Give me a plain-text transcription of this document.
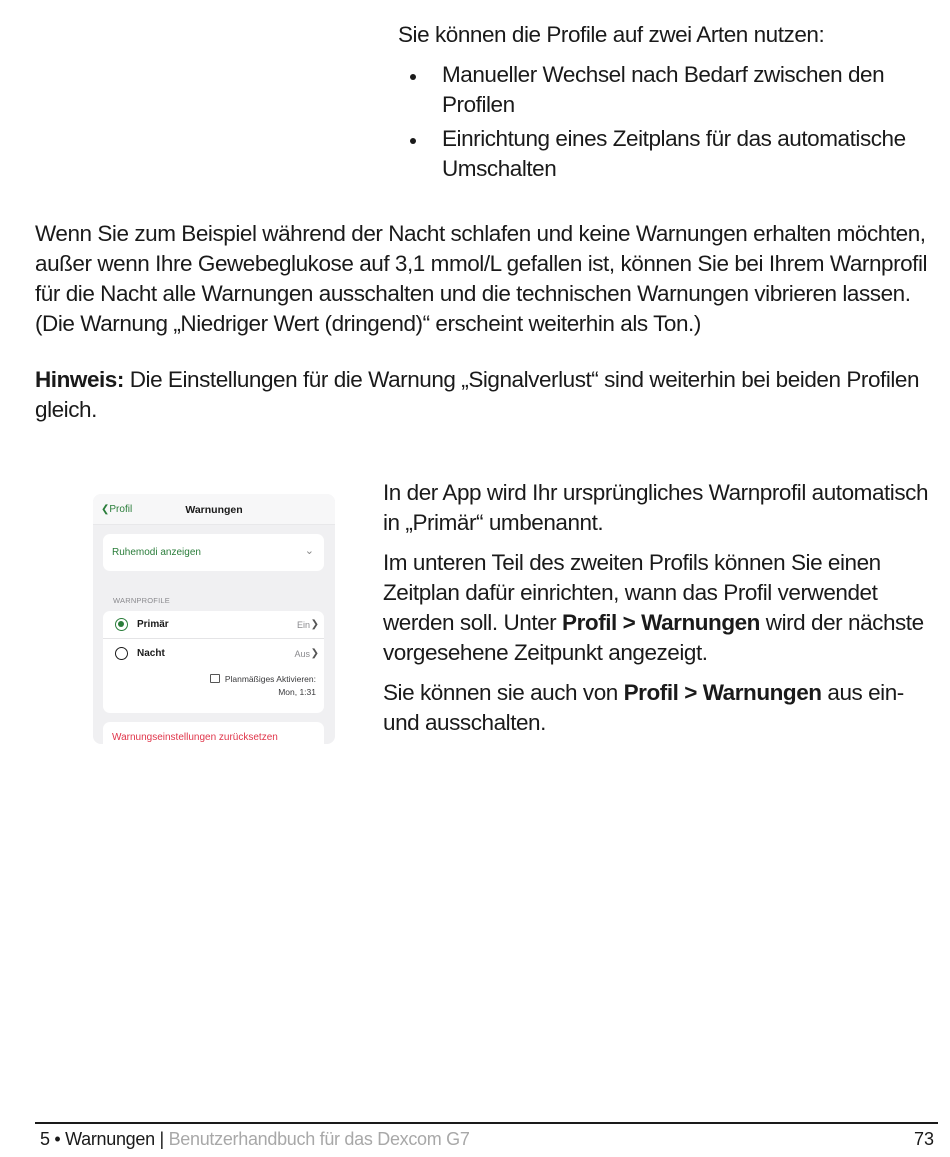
Sie können die Profile auf zwei Arten nutzen:
Manueller Wechsel nach Bedarf zwischen den Profilen
Einrichtung eines Zeitplans für das automatische Umschalten
Wenn Sie zum Beispiel während der Nacht schlafen und keine Warnungen erhalten möchten, außer wenn Ihre Gewebeglukose auf 3,1 mmol/L gefallen ist, können Sie bei Ihrem Warnprofil für die Nacht alle Warnungen ausschalten und die technischen Warnungen vibrieren lassen. (Die Warnung „Niedriger Wert (dringend)“ erscheint weiterhin als Ton.)
Hinweis: Die Einstellungen für die Warnung „Signalverlust“ sind weiterhin bei beiden Profilen gleich.
❮Profil	Warnungen
Ruhemodi anzeigen	⌄
WARNPROFILE
Primär	Ein ❯
Nacht	Aus ❯
Planmäßiges Aktivieren:
Mon, 1:31
Warnungseinstellungen zurücksetzen

In der App wird Ihr ursprüngliches Warnprofil automatisch in „Primär“ umbenannt.

Im unteren Teil des zweiten Profils können Sie einen Zeitplan dafür einrichten, wann das Profil verwendet werden soll. Unter Profil > Warnungen wird der nächste vorgesehene Zeitpunkt angezeigt.

Sie können sie auch von Profil > Warnungen aus ein- und ausschalten.

5 • Warnungen | Benutzerhandbuch für das Dexcom G7	73
